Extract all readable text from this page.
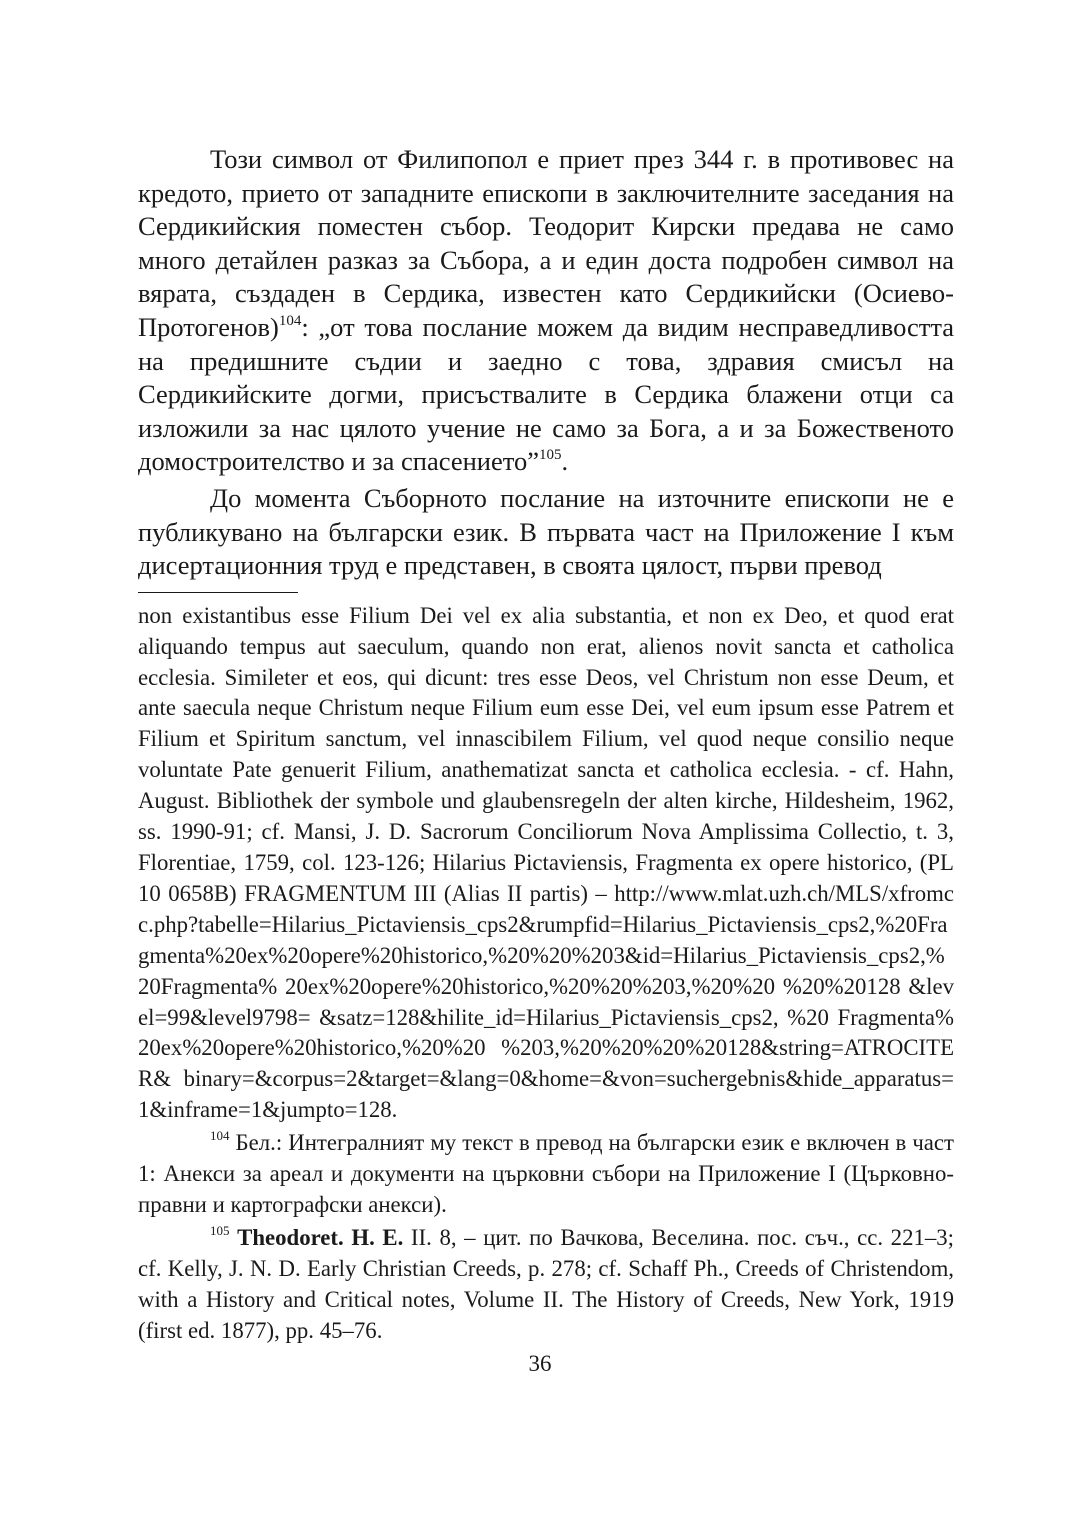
Този символ от Филипопол е приет през 344 г. в противовес на кредото, прието от западните епископи в заключителните заседания на Сердикийския поместен събор. Теодорит Кирски предава не само много детайлен разказ за Събора, а и един доста подробен символ на вярата, създаден в Сердика, известен като Сердикийски (Осиево-Протогенов)$^{104}$: „от това послание можем да видим несправедливостта на предишните съдии и заедно с това, здравия смисъл на Сердикийските догми, присъствалите в Сердика блажени отци са изложили за нас цялото учение не само за Бога, а и за Божественото домостроителство и за спасението”$^{105}$.

До момента Съборното послание на източните епископи не е публикувано на български език. В първата част на Приложение I към дисертационния труд е представен, в своята цялост, първи превод

non existantibus esse Filium Dei vel ex alia substantia, et non ex Deo, et quod erat aliquando tempus aut saeculum, quando non erat, alienos novit sancta et catholica ecclesia. Simileter et eos, qui dicunt: tres esse Deos, vel Christum non esse Deum, et ante saecula neque Christum neque Filium eum esse Dei, vel eum ipsum esse Patrem et Filium et Spiritum sanctum, vel innascibilem Filium, vel quod neque consilio neque voluntate Pate genuerit Filium, anathematizat sancta et catholica ecclesia. - cf. Hahn, August. Bibliothek der symbole und glaubensregeln der alten kirche, Hildesheim, 1962, ss. 1990-91; cf. Mansi, J. D. Sacrorum Conciliorum Nova Amplissima Collectio, t. 3, Florentiae, 1759, col. 123-126; Hilarius Pictaviensis, Fragmenta ex opere historico, (PL 10 0658B) FRAGMENTUM III (Alias II partis) – http://www.mlat.uzh.ch/MLS/xfromcc.php?tabelle=Hilarius_Pictaviensis_cps2&rumpfid=Hilarius_Pictaviensis_cps2,%20Fragmenta%20ex%20opere%20historico,%20%20%203&id=Hilarius_Pictaviensis_cps2,%20Fragmenta% 20ex%20opere%20historico,%20%20%203,%20%20 %20%20128 &level=99&level9798= &satz=128&hilite_id=Hilarius_Pictaviensis_cps2, %20 Fragmenta% 20ex%20opere%20historico,%20%20 %203,%20%20%20%20128&string=ATROCITER& binary=&corpus=2&target=&lang=0&home=&von=suchergebnis&hide_apparatus=1&inframe=1&jumpto=128.

$^{104}$ Бел.: Интегралният му текст в превод на български език е включен в част 1: Анекси за ареал и документи на църковни събори на Приложение I (Църковно-правни и картографски анекси).

$^{105}$ Theodoret. H. E. II. 8, – цит. по Вачкова, Веселина. пос. съч., сс. 221–3; cf. Kelly, J. N. D. Early Christian Creeds, p. 278; cf. Schaff Ph., Creeds of Christendom, with a History and Critical notes, Volume II. The History of Creeds, New York, 1919 (first ed. 1877), pp. 45–76.

36
